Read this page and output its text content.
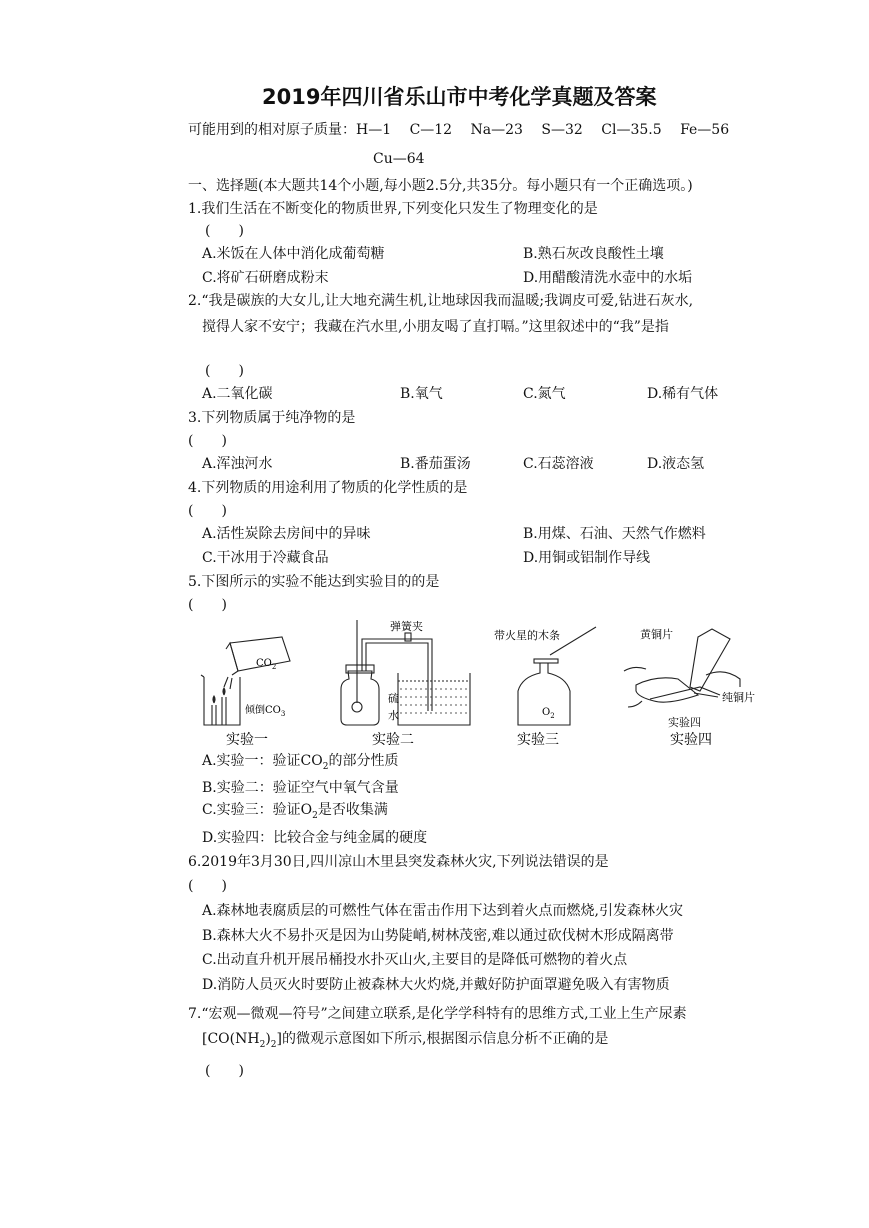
2019年四川省乐山市中考化学真题及答案
可能用到的相对原子质量：H—1　 C—12　 Na—23　 S—32　 Cl—35.5　 Fe—56
Cu—64
一、选择题(本大题共14个小题,每小题2.5分,共35分。每小题只有一个正确选项。)
1.我们生活在不断变化的物质世界,下列变化只发生了物理变化的是
(　　)
A.米饭在人体中消化成葡萄糖	B.熟石灰改良酸性土壤
C.将矿石研磨成粉末	D.用醋酸清洗水壶中的水垢
2.“我是碳族的大女儿,让大地充满生机,让地球因我而温暖;我调皮可爱,钻进石灰水,
搅得人家不安宁；我藏在汽水里,小朋友喝了直打嗝。”这里叙述中的“我”是指
(　　)
A.二氧化碳	B.氧气	C.氮气	D.稀有气体
3.下列物质属于纯净物的是
(　　)
A.浑浊河水	B.番茄蛋汤	C.石蕊溶液	D.液态氢
4.下列物质的用途利用了物质的化学性质的是
(　　)
A.活性炭除去房间中的异味	B.用煤、石油、天然气作燃料
C.干冰用于冷藏食品	D.用铜或铝制作导线
5.下图所示的实验不能达到实验目的的是
(　　)
$CO_2$
倾倒$CO_3$
弹簧夹
硫
水
带火星的木条
$O_2$
黄铜片
纯铜片
实验四
实验一	实验二	实验三	实验四
A.实验一：验证$CO_2$的部分性质
B.实验二：验证空气中氧气含量
C.实验三：验证$O_2$是否收集满
D.实验四：比较合金与纯金属的硬度
6.2019年3月30日,四川凉山木里县突发森林火灾,下列说法错误的是
(　　)
A.森林地表腐质层的可燃性气体在雷击作用下达到着火点而燃烧,引发森林火灾
B.森林大火不易扑灭是因为山势陡峭,树林茂密,难以通过砍伐树木形成隔离带
C.出动直升机开展吊桶投水扑灭山火,主要目的是降低可燃物的着火点
D.消防人员灭火时要防止被森林大火灼烧,并戴好防护面罩避免吸入有害物质
7.“宏观—微观—符号”之间建立联系,是化学学科特有的思维方式,工业上生产尿素
$[CO(NH_2)_2]$的微观示意图如下所示,根据图示信息分析不正确的是
(　　)
